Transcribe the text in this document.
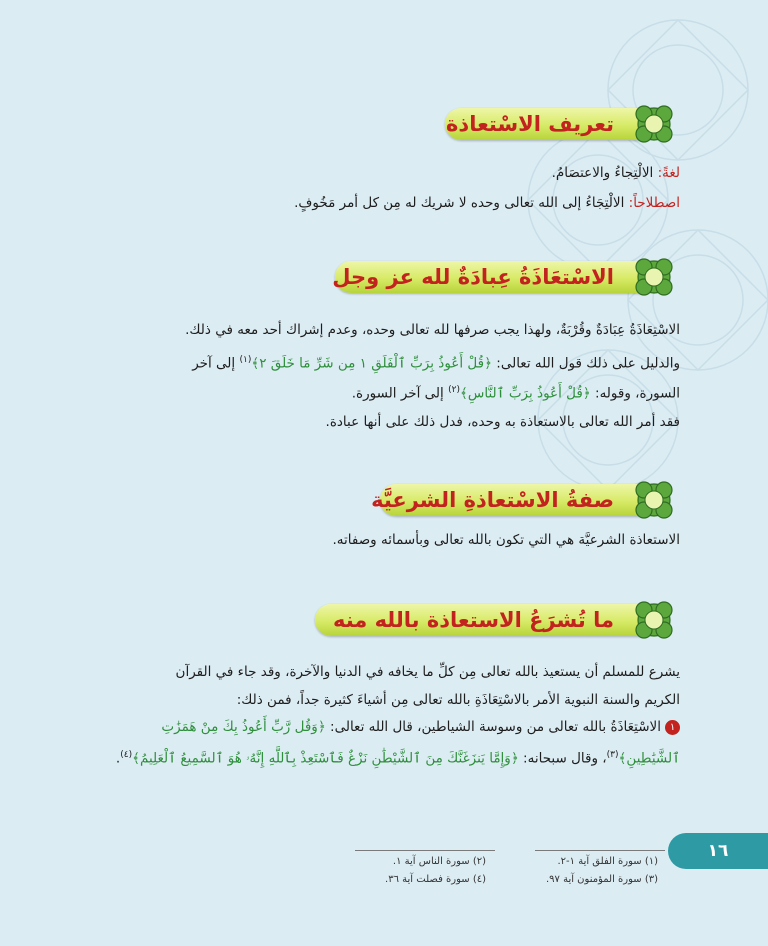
تعريف الاسْتعاذة
لغةً: الالْتِجاءُ والاعتصَامُ.
اصطلاحاً: الالْتِجَاءُ إلى الله تعالى وحده لا شريك له مِن كل أمر مَخُوفٍ.
الاسْتعَاذَةُ عِبادَةٌ لله عز وجل
الاسْتِعَاذَةُ عِبَادَةٌ وقُرْبَةٌ، ولهذا يجب صرفها لله تعالى وحده، وعدم إشراك أحد معه في ذلك.
والدليل على ذلك قول الله تعالى: ﴿قُلْ أَعُوذُ بِرَبِّ ٱلْفَلَقِ ١ مِن شَرِّ مَا خَلَقَ ٢﴾$^{(١)}$ إلى آخر
السورة، وقوله: ﴿قُلْ أَعُوذُ بِرَبِّ ٱلنَّاسِ﴾$^{(٢)}$ إلى آخر السورة.
فقد أمر الله تعالى بالاستعاذة به وحده، فدل ذلك على أنها عبادة.
صفةُ الاسْتعاذةِ الشرعيَّة
الاستعاذة الشرعيَّة هي التي تكون بالله تعالى وبأسمائه وصفاته.
ما تُشرَعُ الاستعاذة بالله منه
يشرع للمسلم أن يستعيذ بالله تعالى مِن كلِّ ما يخافه في الدنيا والآخرة، وقد جاء في القرآن
الكريم والسنة النبوية الأمر بالاسْتِعَاذَةِ بالله تعالى مِن أشياءَ كثيرة جداً، فمن ذلك:
١الاسْتِعَاذَةُ بالله تعالى من وسوسة الشياطين، قال الله تعالى: ﴿وَقُل رَّبِّ أَعُوذُ بِكَ مِنْ هَمَزَٰتِ
ٱلشَّيَٰطِينِ﴾$^{(٣)}$، وقال سبحانه: ﴿وَإِمَّا يَنزَغَنَّكَ مِنَ ٱلشَّيْطَٰنِ نَزْغٌ فَٱسْتَعِذْ بِٱللَّهِ إِنَّهُۥ هُوَ ٱلسَّمِيعُ ٱلْعَلِيمُ﴾$^{(٤)}$.
١٦
(١) سورة الفلق آية ١-٢.
(٣) سورة المؤمنون آية ٩٧.
(٢) سورة الناس آية ١.
(٤) سورة فصلت آية ٣٦.
